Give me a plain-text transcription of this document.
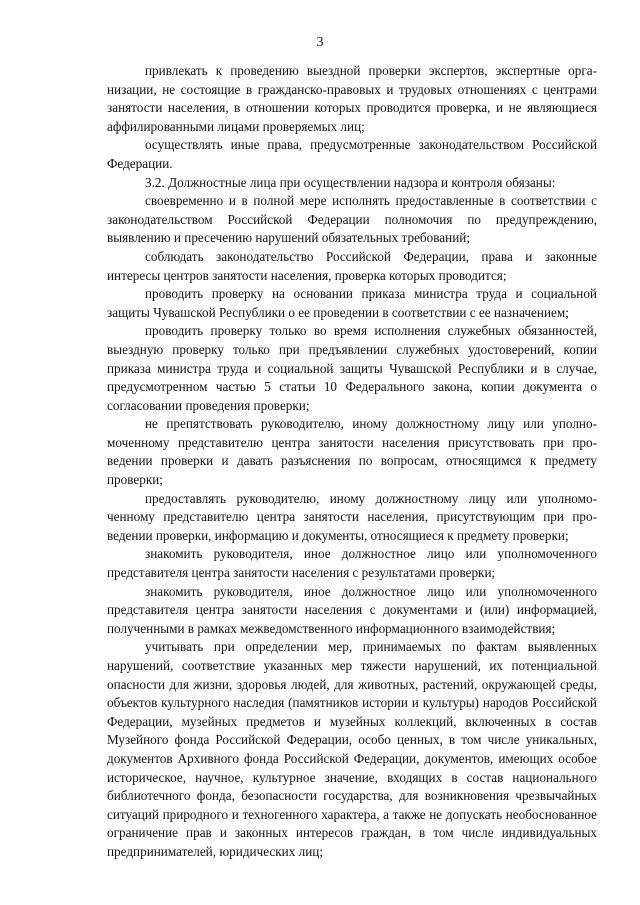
3

привлекать к проведению выездной проверки экспертов, экспертные организации, не состоящие в гражданско-правовых и трудовых отношениях с центрами занятости населения, в отношении которых проводится проверка, и не являющиеся аффилированными лицами проверяемых лиц;

осуществлять иные права, предусмотренные законодательством Российской Федерации.

3.2. Должностные лица при осуществлении надзора и контроля обязаны:

своевременно и в полной мере исполнять предоставленные в соответствии с законодательством Российской Федерации полномочия по предупреждению, выявлению и пресечению нарушений обязательных требований;

соблюдать законодательство Российской Федерации, права и законные интересы центров занятости населения, проверка которых проводится;

проводить проверку на основании приказа министра труда и социальной защиты Чувашской Республики о ее проведении в соответствии с ее назначением;

проводить проверку только во время исполнения служебных обязанностей, выездную проверку только при предъявлении служебных удостоверений, копии приказа министра труда и социальной защиты Чувашской Республики и в случае, предусмотренном частью 5 статьи 10 Федерального закона, копии документа о согласовании проведения проверки;

не препятствовать руководителю, иному должностному лицу или уполномоченному представителю центра занятости населения присутствовать при проведении проверки и давать разъяснения по вопросам, относящимся к предмету проверки;

предоставлять руководителю, иному должностному лицу или уполномоченному представителю центра занятости населения, присутствующим при проведении проверки, информацию и документы, относящиеся к предмету проверки;

знакомить руководителя, иное должностное лицо или уполномоченного представителя центра занятости населения с результатами проверки;

знакомить руководителя, иное должностное лицо или уполномоченного представителя центра занятости населения с документами и (или) информацией, полученными в рамках межведомственного информационного взаимодействия;

учитывать при определении мер, принимаемых по фактам выявленных нарушений, соответствие указанных мер тяжести нарушений, их потенциальной опасности для жизни, здоровья людей, для животных, растений, окружающей среды, объектов культурного наследия (памятников истории и культуры) народов Российской Федерации, музейных предметов и музейных коллекций, включенных в состав Музейного фонда Российской Федерации, особо ценных, в том числе уникальных, документов Архивного фонда Российской Федерации, документов, имеющих особое историческое, научное, культурное значение, входящих в состав национального библиотечного фонда, безопасности государства, для возникновения чрезвычайных ситуаций природного и техногенного характера, а также не допускать необоснованное ограничение прав и законных интересов граждан, в том числе индивидуальных предпринимателей, юридических лиц;
